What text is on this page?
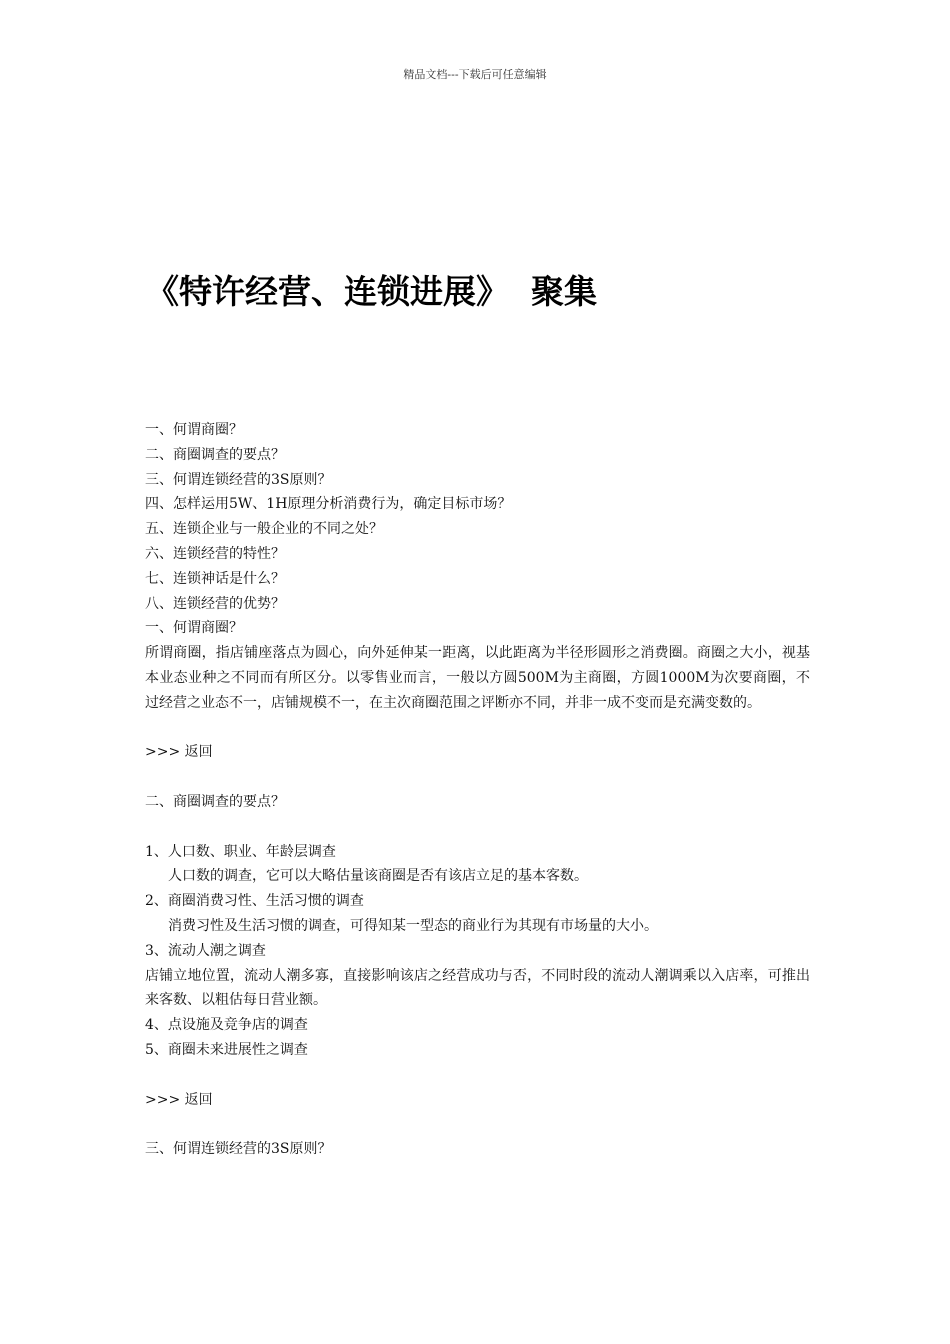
精品文档---下载后可任意编辑
《特许经营、连锁进展》 聚集

一、何谓商圈？

二、商圈调查的要点？

三、何谓连锁经营的3S原则？

四、怎样运用5W、1H原理分析消费行为，确定目标市场？

五、连锁企业与一般企业的不同之处？

六、连锁经营的特性？

七、连锁神话是什么？

八、连锁经营的优势？

一、何谓商圈？

所谓商圈，指店铺座落点为圆心，向外延伸某一距离，以此距离为半径形圆形之消费圈。商圈之大小，视基本业态业种之不同而有所区分。以零售业而言，一般以方圆500M为主商圈，方圆1000M为次要商圈，不过经营之业态不一，店铺规模不一，在主次商圈范围之评断亦不同，并非一成不变而是充满变数的。

>>> 返回

二、商圈调查的要点？

1、人口数、职业、年龄层调查

人口数的调查，它可以大略估量该商圈是否有该店立足的基本客数。

2、商圈消费习性、生活习惯的调查

消费习性及生活习惯的调查，可得知某一型态的商业行为其现有市场量的大小。

3、流动人潮之调查

店铺立地位置，流动人潮多寡，直接影响该店之经营成功与否，不同时段的流动人潮调乘以入店率，可推出来客数、以粗估每日营业额。

4、点设施及竞争店的调查

5、商圈未来进展性之调查

>>> 返回

三、何谓连锁经营的3S原则？
